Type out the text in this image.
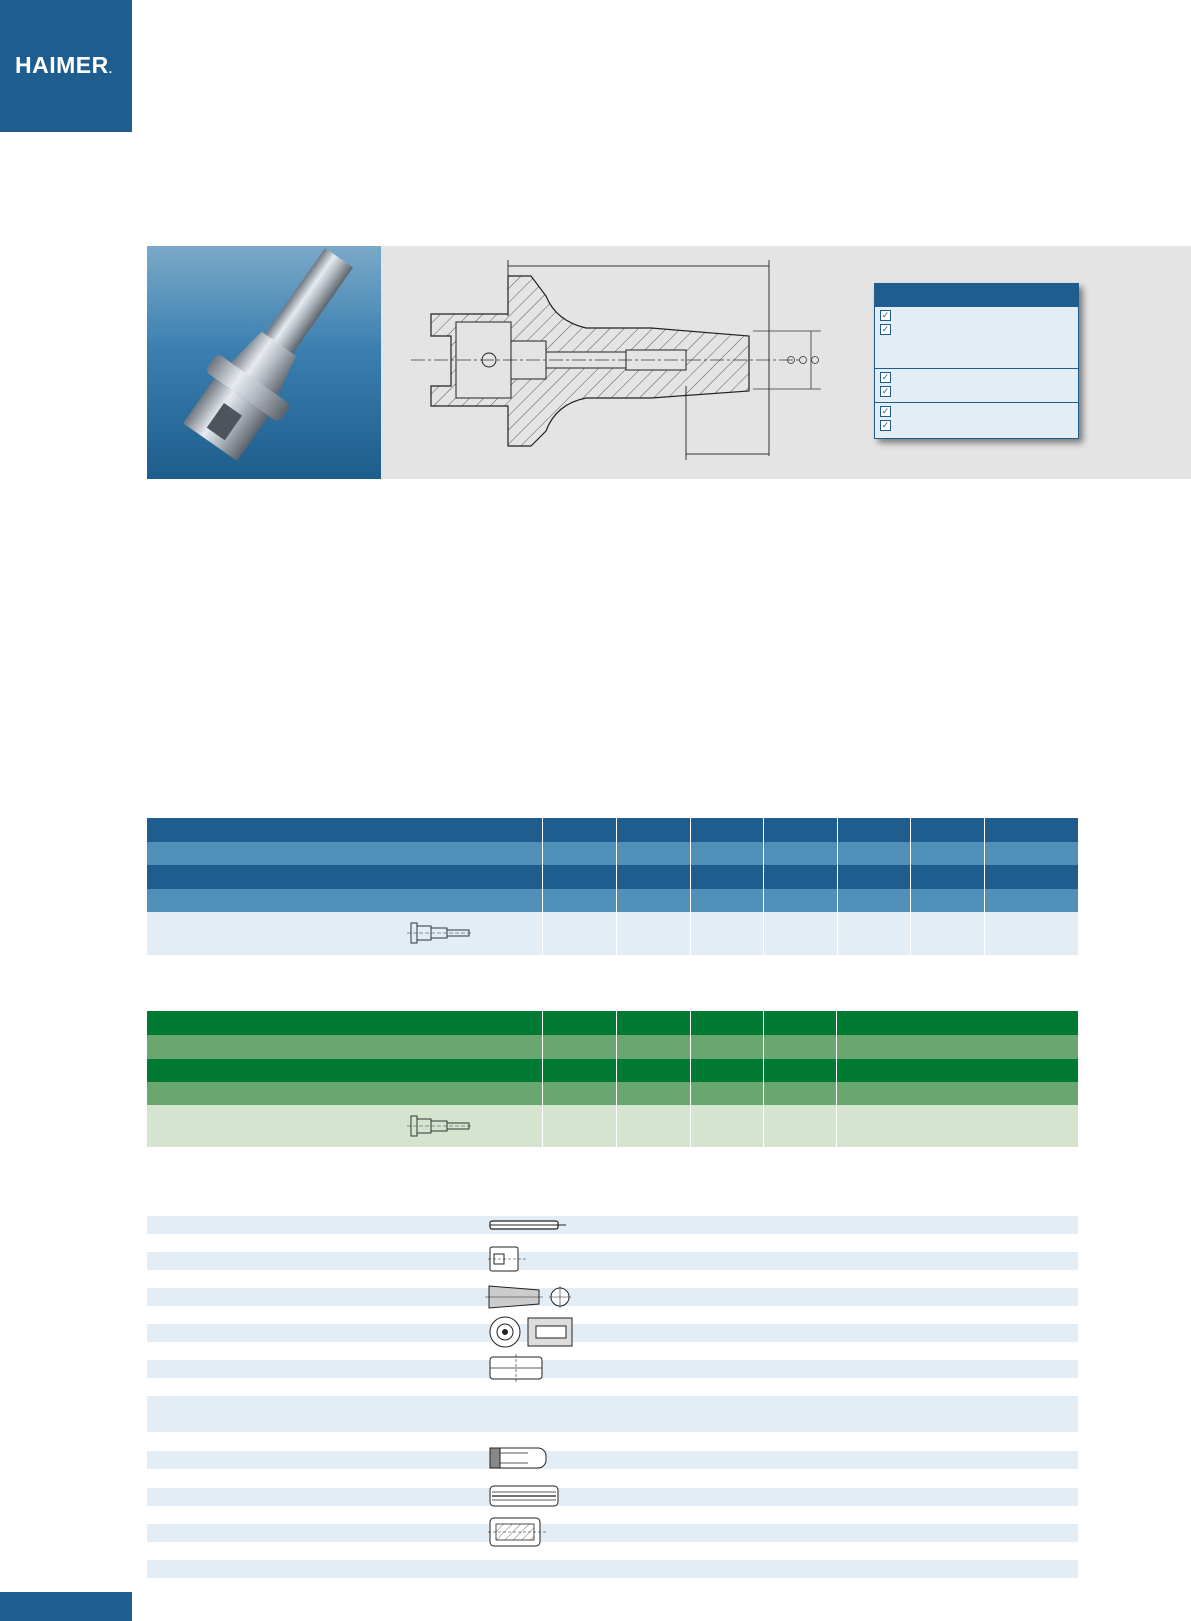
HAIMER.
✓
✓
✓
✓
✓
✓
